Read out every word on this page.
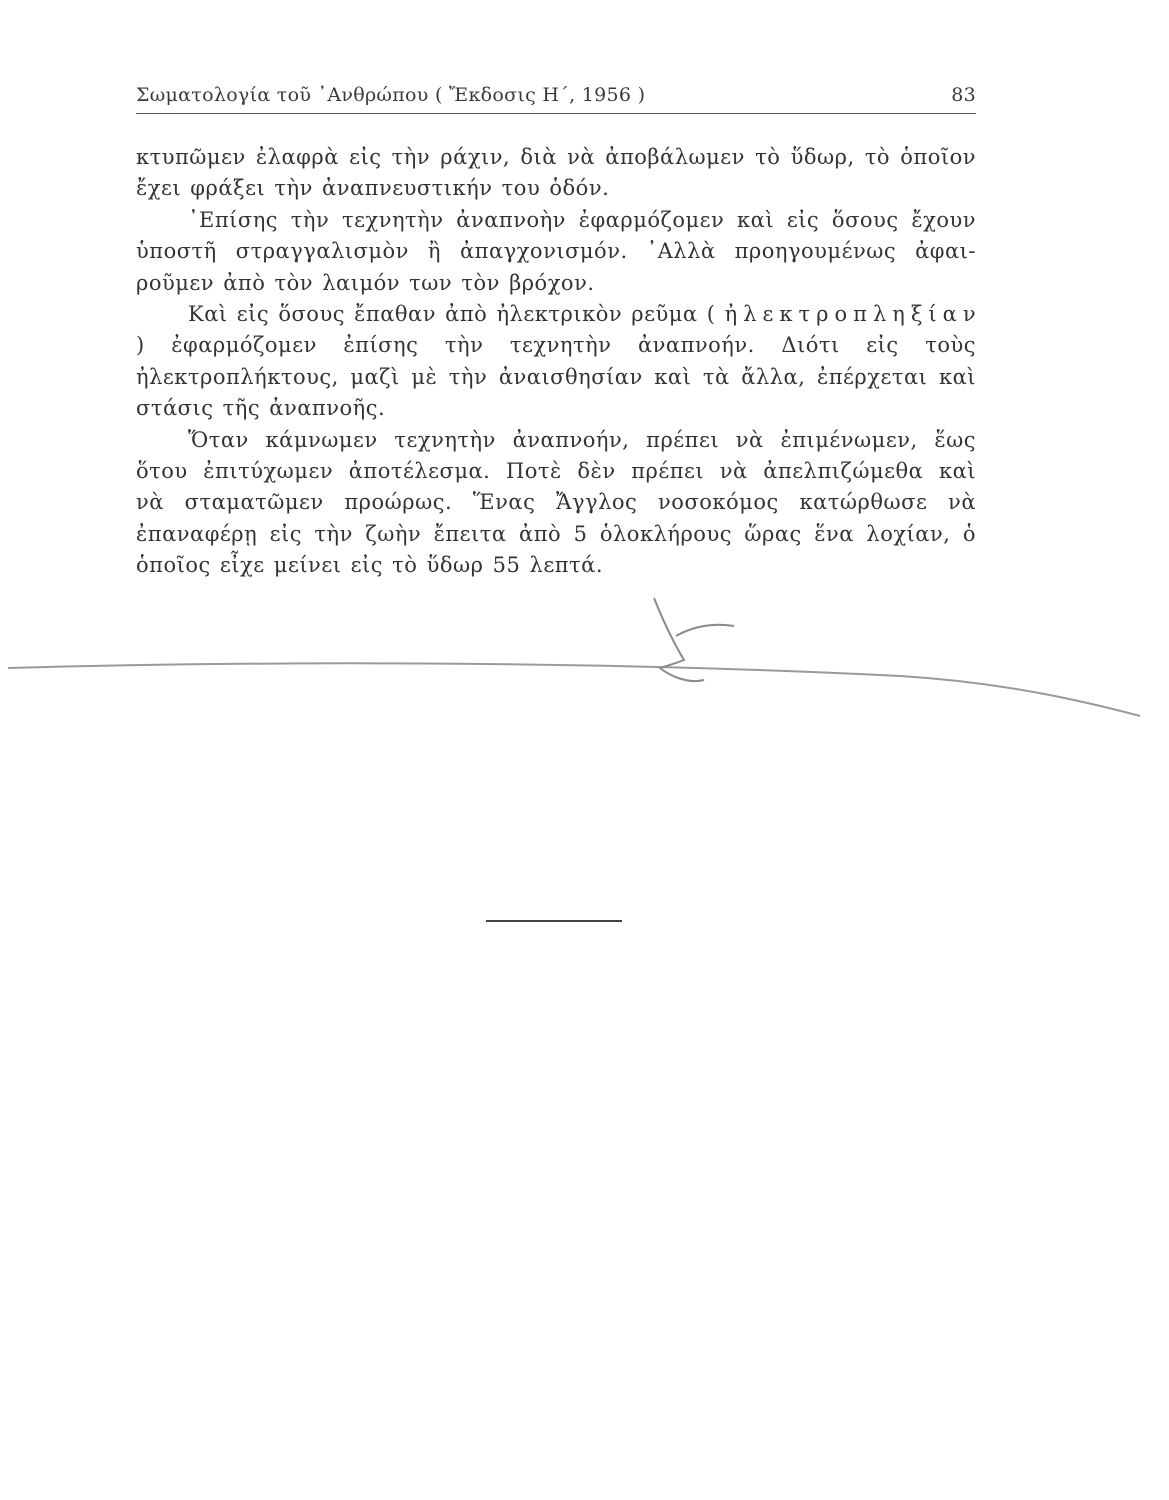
Σωματολογία τοῦ ᾿Ανθρώπου ( Ἔκδοσις Η΄, 1956 )	83
κτυπῶμεν ἐλαφρὰ εἰς τὴν ράχιν, διὰ νὰ ἀποβάλωμεν τὸ ὕδωρ, τὸ ὁποῖον
ἔχει φράξει τὴν ἀναπνευστικήν του ὁδόν.
᾿Επίσης τὴν τεχνητὴν ἀναπνοὴν ἐφαρμόζομεν καὶ εἰς ὅσους ἔχουν
ὑποστῆ στραγγαλισμὸν ἢ ἀπαγχονισμόν. ᾿Αλλὰ προηγουμένως ἀφαι-
ροῦμεν ἀπὸ τὸν λαιμόν των τὸν βρόχον.
Καὶ εἰς ὅσους ἔπαθαν ἀπὸ ἠλεκτρικὸν ρεῦμα ( ἠλεκτροπληξίαν
) ἐφαρμόζομεν ἐπίσης τὴν τεχνητὴν ἀναπνοήν. Διότι εἰς τοὺς
ἠλεκτροπλήκτους, μαζὶ μὲ τὴν ἀναισθησίαν καὶ τὰ ἄλλα, ἐπέρχεται καὶ
στάσις τῆς ἀναπνοῆς.
Ὅταν κάμνωμεν τεχνητὴν ἀναπνοήν, πρέπει νὰ ἐπιμένωμεν, ἕως
ὅτου ἐπιτύχωμεν ἀποτέλεσμα. Ποτὲ δὲν πρέπει νὰ ἀπελπιζώμεθα καὶ
νὰ σταματῶμεν προώρως. Ἕνας Ἄγγλος νοσοκόμος κατώρθωσε νὰ
ἐπαναφέρῃ εἰς τὴν ζωὴν ἔπειτα ἀπὸ 5 ὁλοκλήρους ὥρας ἕνα λοχίαν, ὁ
ὁποῖος εἶχε μείνει εἰς τὸ ὕδωρ 55 λεπτά.
